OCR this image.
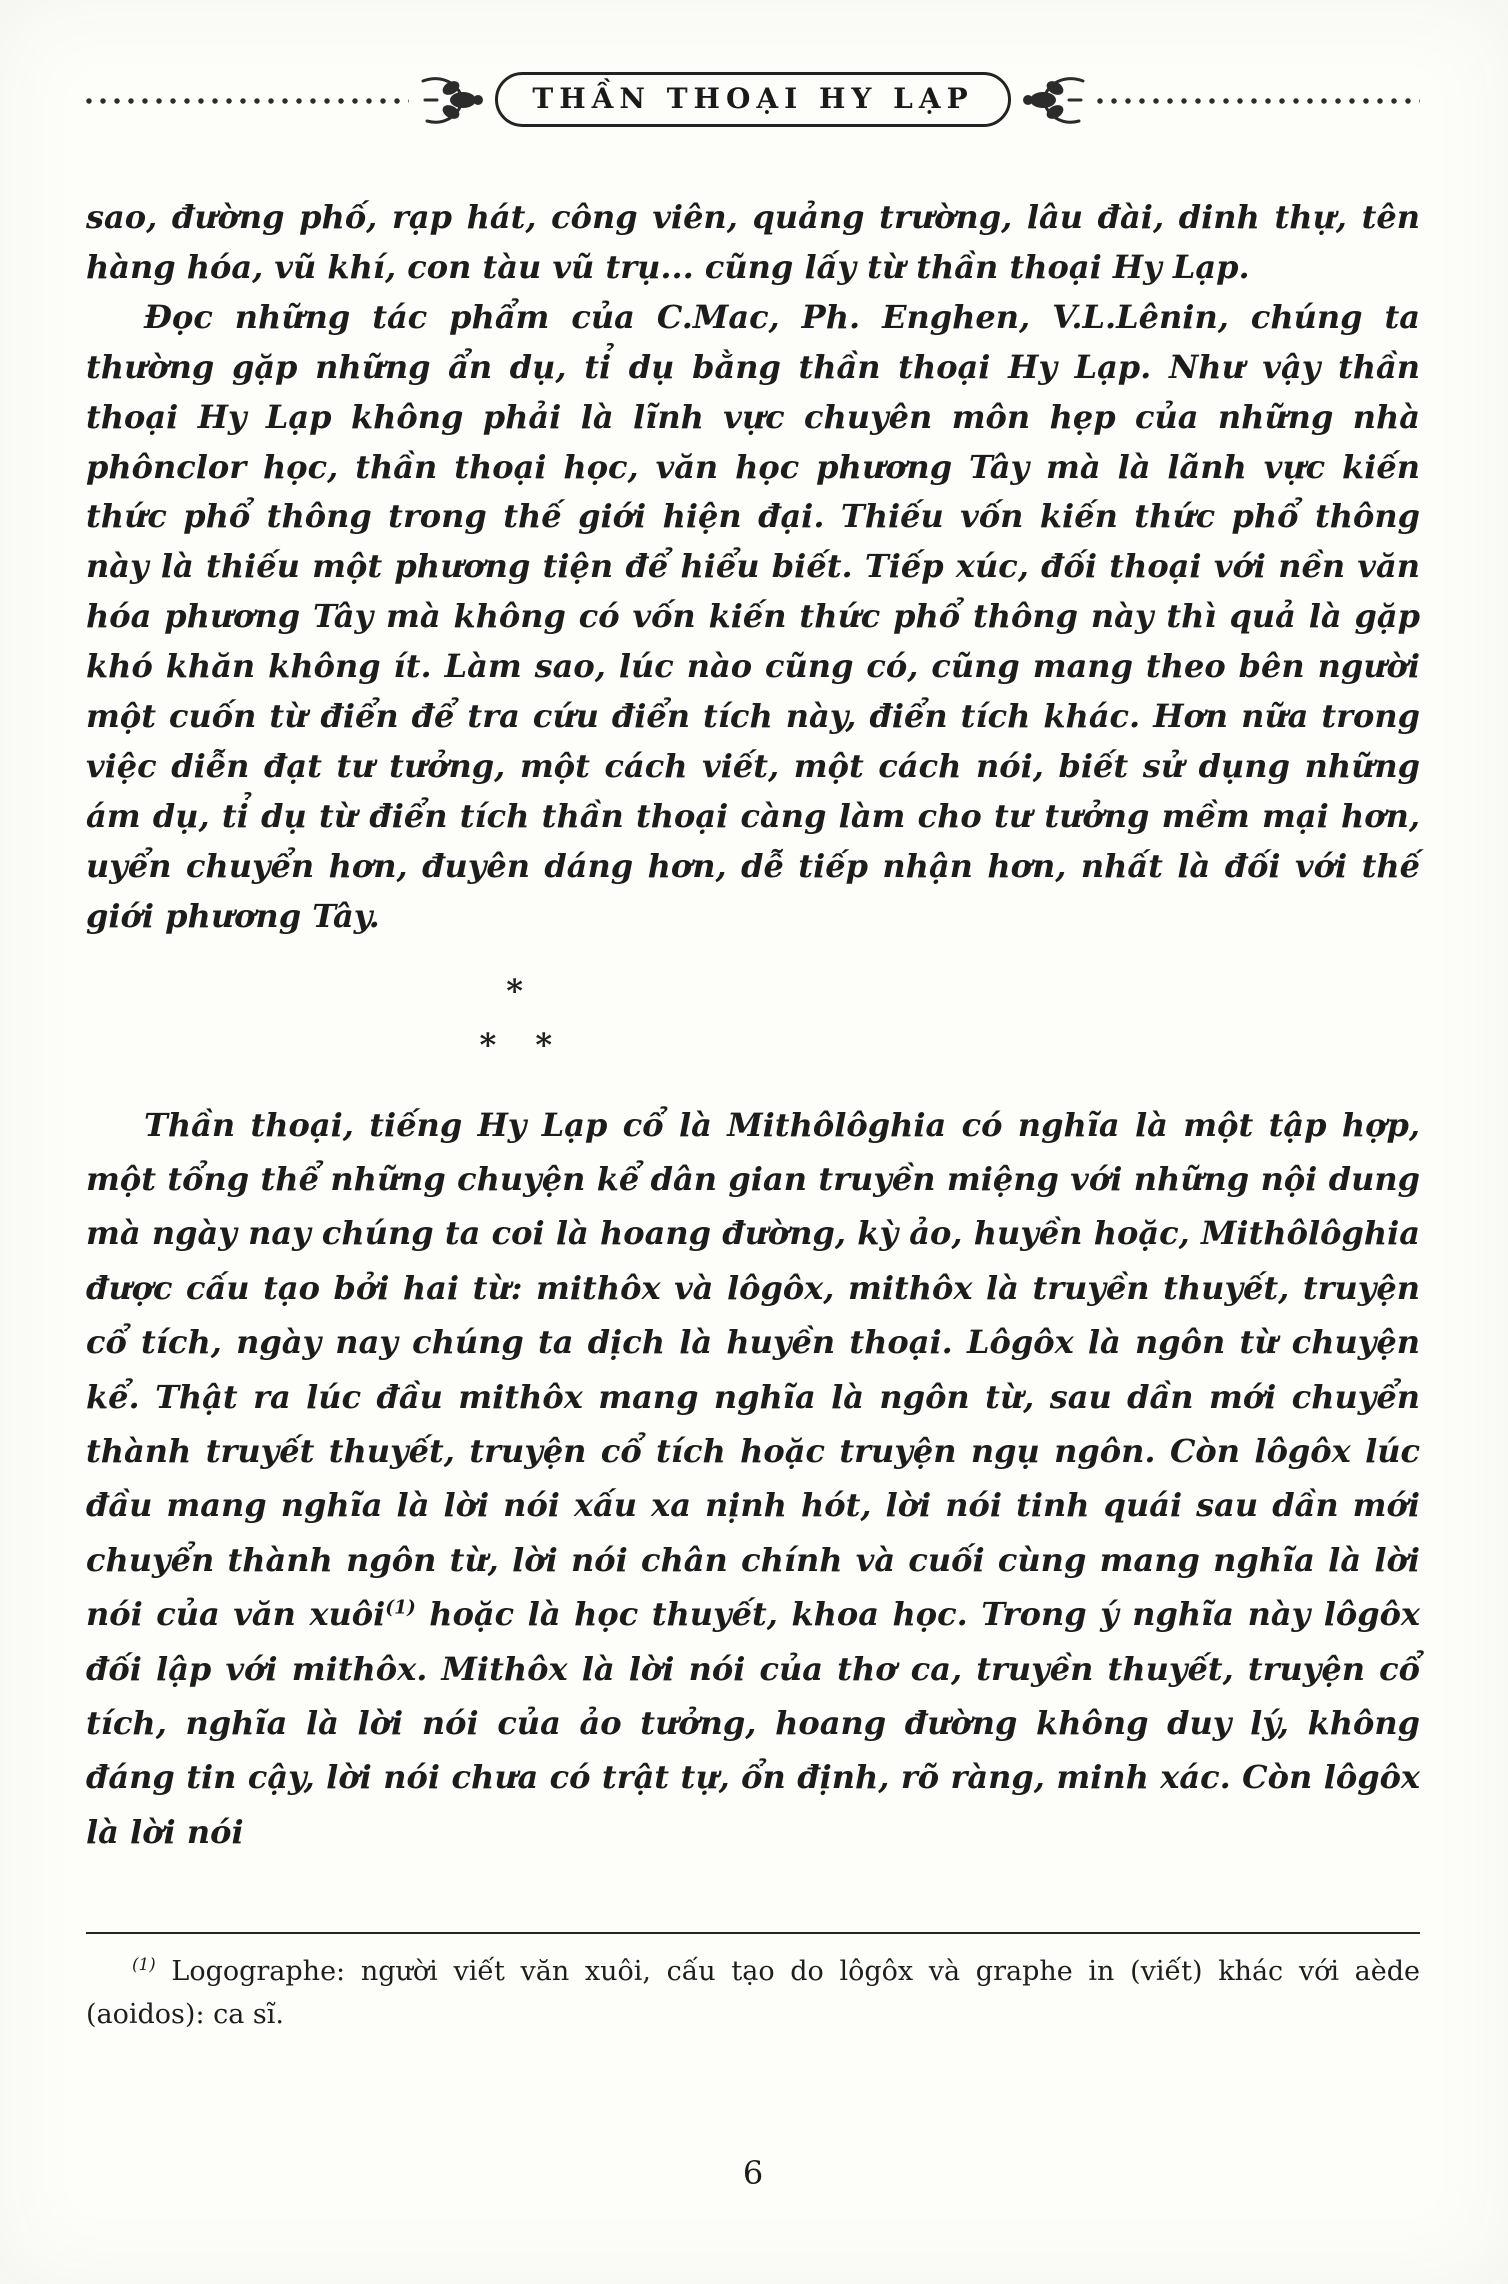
THẦN THOẠI HY LẠP

sao, đường phố, rạp hát, công viên, quảng trường, lâu đài, dinh thự, tên hàng hóa, vũ khí, con tàu vũ trụ... cũng lấy từ thần thoại Hy Lạp.

Đọc những tác phẩm của C.Mac, Ph. Enghen, V.L.Lênin, chúng ta thường gặp những ẩn dụ, tỉ dụ bằng thần thoại Hy Lạp. Như vậy thần thoại Hy Lạp không phải là lĩnh vực chuyên môn hẹp của những nhà phônclor học, thần thoại học, văn học phương Tây mà là lãnh vực kiến thức phổ thông trong thế giới hiện đại. Thiếu vốn kiến thức phổ thông này là thiếu một phương tiện để hiểu biết. Tiếp xúc, đối thoại với nền văn hóa phương Tây mà không có vốn kiến thức phổ thông này thì quả là gặp khó khăn không ít. Làm sao, lúc nào cũng có, cũng mang theo bên người một cuốn từ điển để tra cứu điển tích này, điển tích khác. Hơn nữa trong việc diễn đạt tư tưởng, một cách viết, một cách nói, biết sử dụng những ám dụ, tỉ dụ từ điển tích thần thoại càng làm cho tư tưởng mềm mại hơn, uyển chuyển hơn, đuyên dáng hơn, dễ tiếp nhận hơn, nhất là đối với thế giới phương Tây.

*
* *

Thần thoại, tiếng Hy Lạp cổ là Mithôlôghia có nghĩa là một tập hợp, một tổng thể những chuyện kể dân gian truyền miệng với những nội dung mà ngày nay chúng ta coi là hoang đường, kỳ ảo, huyền hoặc, Mithôlôghia được cấu tạo bởi hai từ: mithôx và lôgôx, mithôx là truyền thuyết, truyện cổ tích, ngày nay chúng ta dịch là huyền thoại. Lôgôx là ngôn từ chuyện kể. Thật ra lúc đầu mithôx mang nghĩa là ngôn từ, sau dần mới chuyển thành truyết thuyết, truyện cổ tích hoặc truyện ngụ ngôn. Còn lôgôx lúc đầu mang nghĩa là lời nói xấu xa nịnh hót, lời nói tinh quái sau dần mới chuyển thành ngôn từ, lời nói chân chính và cuối cùng mang nghĩa là lời nói của văn xuôi$^{(1)}$ hoặc là học thuyết, khoa học. Trong ý nghĩa này lôgôx đối lập với mithôx. Mithôx là lời nói của thơ ca, truyền thuyết, truyện cổ tích, nghĩa là lời nói của ảo tưởng, hoang đường không duy lý, không đáng tin cậy, lời nói chưa có trật tự, ổn định, rõ ràng, minh xác. Còn lôgôx là lời nói

$^{(1)}$ Logographe: người viết văn xuôi, cấu tạo do lôgôx và graphe in (viết) khác với aède (aoidos): ca sĩ.

6
